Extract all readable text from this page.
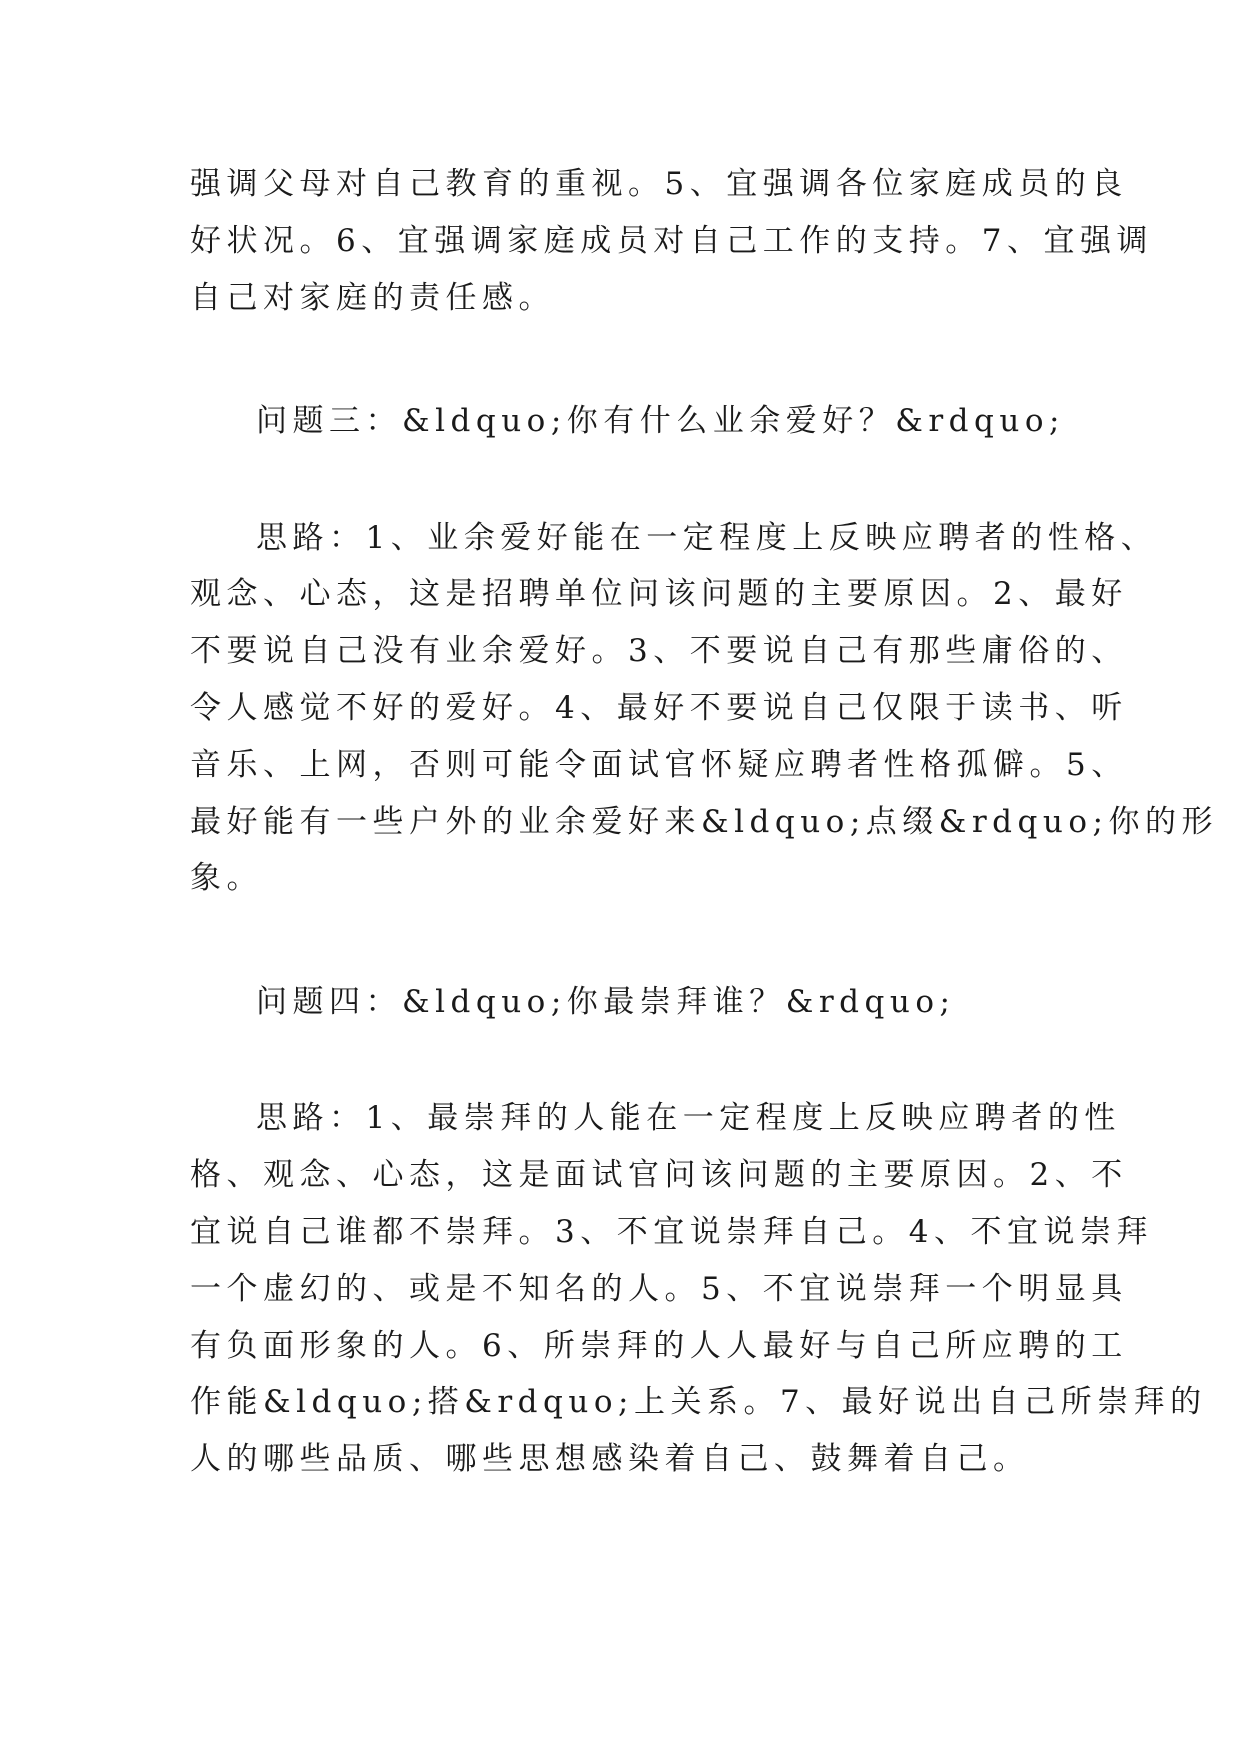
强调父母对自己教育的重视。5、宜强调各位家庭成员的良
好状况。6、宜强调家庭成员对自己工作的支持。7、宜强调
自己对家庭的责任感。
问题三：&ldquo;你有什么业余爱好？&rdquo;
思路：1、业余爱好能在一定程度上反映应聘者的性格、
观念、心态，这是招聘单位问该问题的主要原因。2、最好
不要说自己没有业余爱好。3、不要说自己有那些庸俗的、
令人感觉不好的爱好。4、最好不要说自己仅限于读书、听
音乐、上网，否则可能令面试官怀疑应聘者性格孤僻。5、
最好能有一些户外的业余爱好来&ldquo;点缀&rdquo;你的形
象。
问题四：&ldquo;你最崇拜谁？&rdquo;
思路：1、最崇拜的人能在一定程度上反映应聘者的性
格、观念、心态，这是面试官问该问题的主要原因。2、不
宜说自己谁都不崇拜。3、不宜说崇拜自己。4、不宜说崇拜
一个虚幻的、或是不知名的人。5、不宜说崇拜一个明显具
有负面形象的人。6、所崇拜的人人最好与自己所应聘的工
作能&ldquo;搭&rdquo;上关系。7、最好说出自己所崇拜的
人的哪些品质、哪些思想感染着自己、鼓舞着自己。
